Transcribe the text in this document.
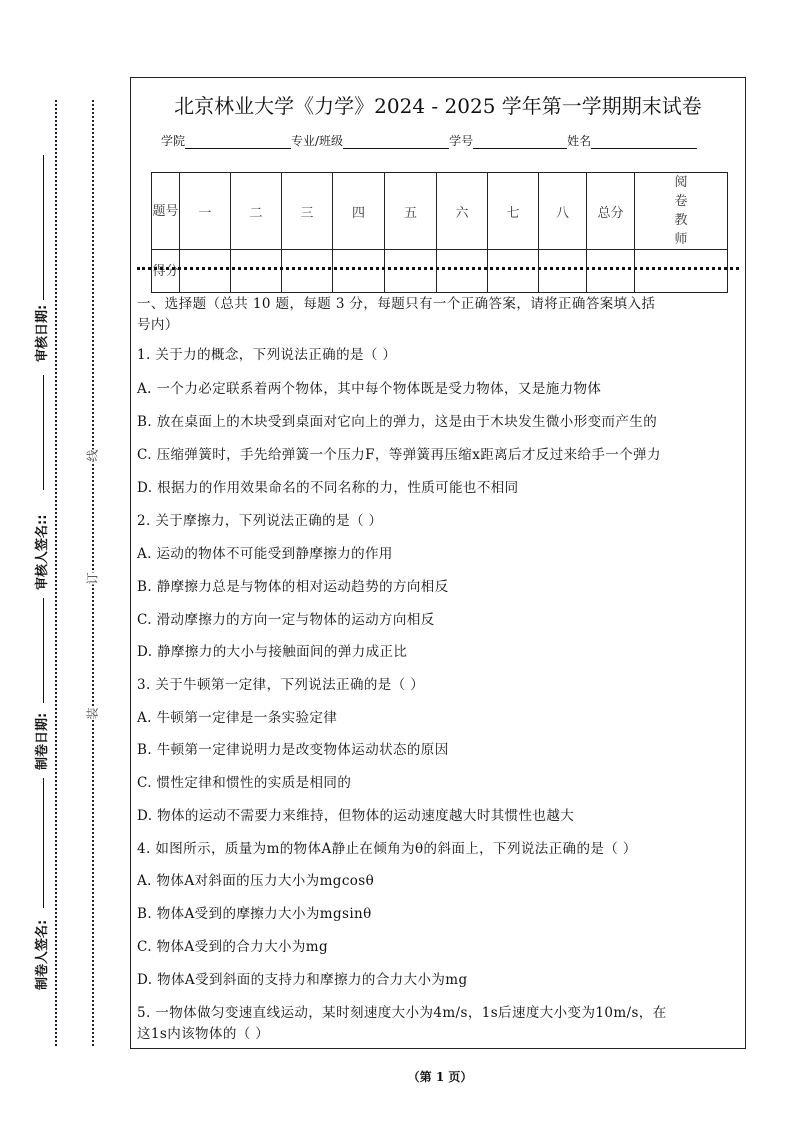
审核日期:
审核人签名::
制卷日期:
制卷人签名:
线
订
装
北京林业大学《力学》2024 - 2025 学年第一学期期末试卷
学院	专业/班级	学号	姓名
题号	一	二	三	四	五	六	七	八	总分	阅卷教师
得分										
一、选择题（总共 10 题，每题 3 分，每题只有一个正确答案，请将正确答案填入括
号内）
1. 关于力的概念，下列说法正确的是（ ）
A. 一个力必定联系着两个物体，其中每个物体既是受力物体，又是施力物体
B. 放在桌面上的木块受到桌面对它向上的弹力，这是由于木块发生微小形变而产生的
C. 压缩弹簧时，手先给弹簧一个压力F，等弹簧再压缩x距离后才反过来给手一个弹力
D. 根据力的作用效果命名的不同名称的力，性质可能也不相同
2. 关于摩擦力，下列说法正确的是（ ）
A. 运动的物体不可能受到静摩擦力的作用
B. 静摩擦力总是与物体的相对运动趋势的方向相反
C. 滑动摩擦力的方向一定与物体的运动方向相反
D. 静摩擦力的大小与接触面间的弹力成正比
3. 关于牛顿第一定律，下列说法正确的是（ ）
A. 牛顿第一定律是一条实验定律
B. 牛顿第一定律说明力是改变物体运动状态的原因
C. 惯性定律和惯性的实质是相同的
D. 物体的运动不需要力来维持，但物体的运动速度越大时其惯性也越大
4. 如图所示，质量为m的物体A静止在倾角为θ的斜面上，下列说法正确的是（ ）
A. 物体A对斜面的压力大小为mgcosθ
B. 物体A受到的摩擦力大小为mgsinθ
C. 物体A受到的合力大小为mg
D. 物体A受到斜面的支持力和摩擦力的合力大小为mg
5. 一物体做匀变速直线运动，某时刻速度大小为4m/s，1s后速度大小变为10m/s，在
这1s内该物体的（ ）
（第 1 页）
